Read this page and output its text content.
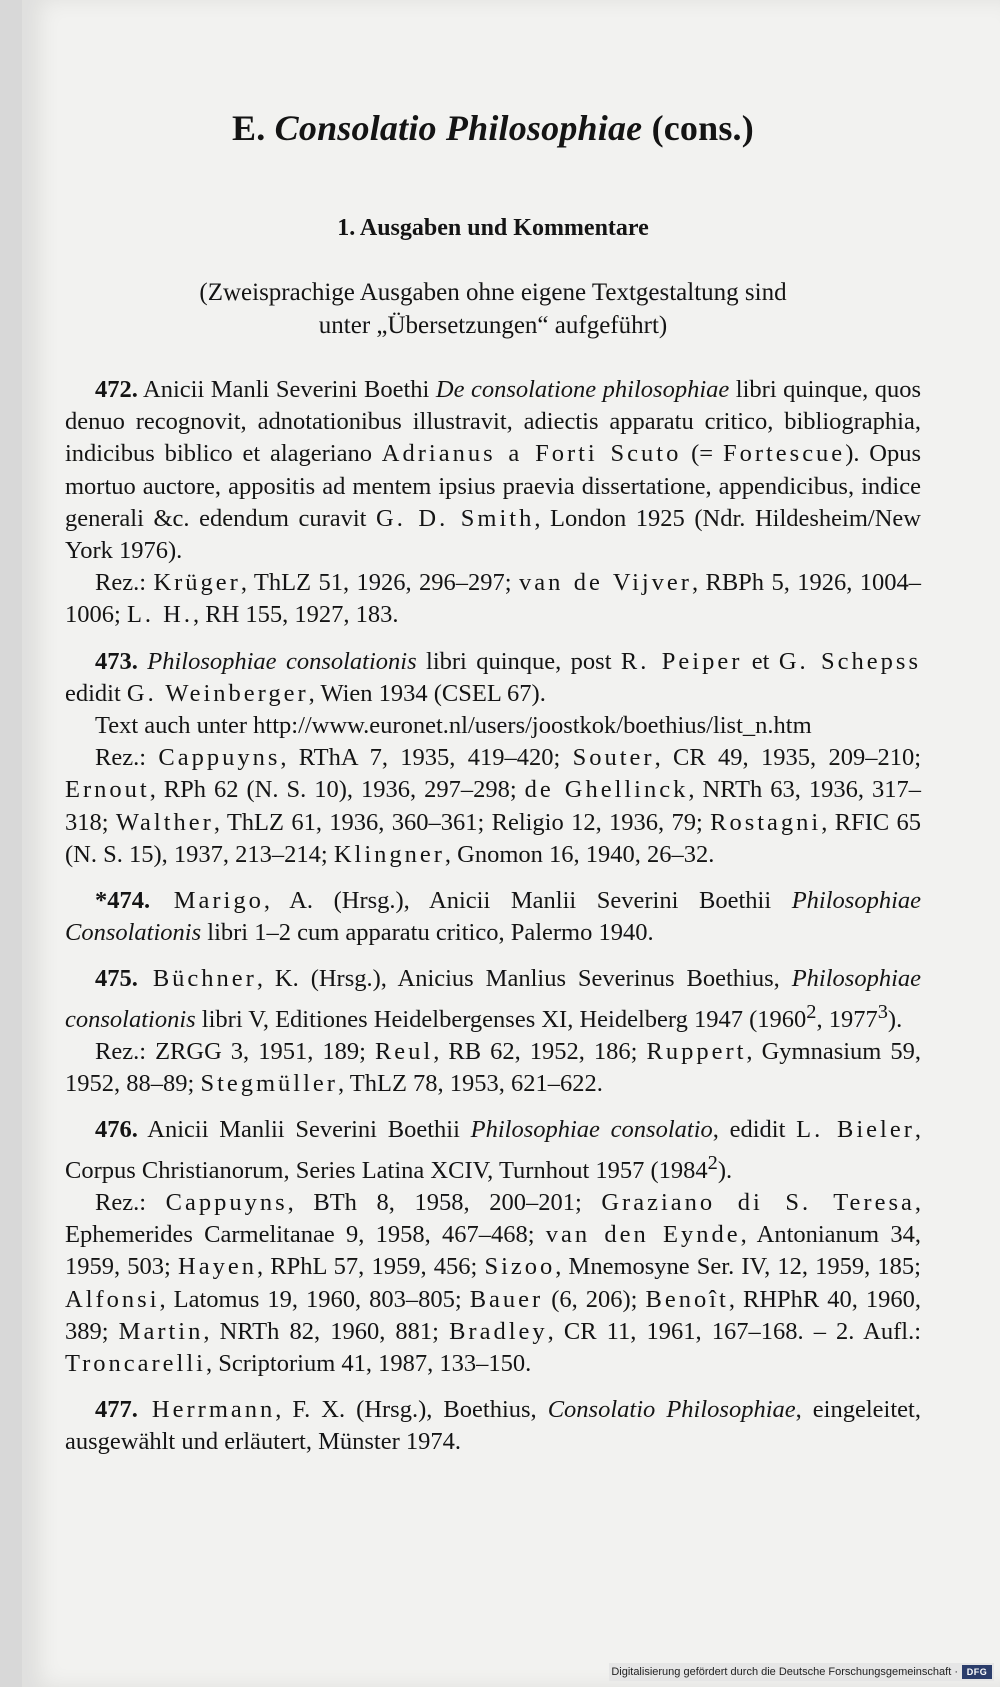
E. Consolatio Philosophiae (cons.)
1. Ausgaben und Kommentare
(Zweisprachige Ausgaben ohne eigene Textgestaltung sind
unter „Übersetzungen“ aufgeführt)

472. Anicii Manli Severini Boethi De consolatione philosophiae libri quinque, quos denuo recognovit, adnotationibus illustravit, adiectis apparatu critico, bibliographia, indicibus biblico et alageriano Adrianus a Forti Scuto (= Fortescue). Opus mortuo auctore, appositis ad mentem ipsius praevia dissertatione, appendicibus, indice generali &c. edendum curavit G. D. Smith, London 1925 (Ndr. Hildesheim/New York 1976).

Rez.: Krüger, ThLZ 51, 1926, 296–297; van de Vijver, RBPh 5, 1926, 1004–1006; L. H., RH 155, 1927, 183.

473. Philosophiae consolationis libri quinque, post R. Peiper et G. Schepss edidit G. Weinberger, Wien 1934 (CSEL 67).

Text auch unter http://www.euronet.nl/users/joostkok/boethius/list_n.htm

Rez.: Cappuyns, RThA 7, 1935, 419–420; Souter, CR 49, 1935, 209–210; Ernout, RPh 62 (N. S. 10), 1936, 297–298; de Ghellinck, NRTh 63, 1936, 317–318; Walther, ThLZ 61, 1936, 360–361; Religio 12, 1936, 79; Rostagni, RFIC 65 (N. S. 15), 1937, 213–214; Klingner, Gnomon 16, 1940, 26–32.

*474. Marigo, A. (Hrsg.), Anicii Manlii Severini Boethii Philosophiae Consolationis libri 1–2 cum apparatu critico, Palermo 1940.

475. Büchner, K. (Hrsg.), Anicius Manlius Severinus Boethius, Philosophiae consolationis libri V, Editiones Heidelbergenses XI, Heidelberg 1947 (1960$^2$, 1977$^3$).

Rez.: ZRGG 3, 1951, 189; Reul, RB 62, 1952, 186; Ruppert, Gymnasium 59, 1952, 88–89; Stegmüller, ThLZ 78, 1953, 621–622.

476. Anicii Manlii Severini Boethii Philosophiae consolatio, edidit L. Bieler, Corpus Christianorum, Series Latina XCIV, Turnhout 1957 (1984$^2$).

Rez.: Cappuyns, BTh 8, 1958, 200–201; Graziano di S. Teresa, Ephemerides Carmelitanae 9, 1958, 467–468; van den Eynde, Antonianum 34, 1959, 503; Hayen, RPhL 57, 1959, 456; Sizoo, Mnemosyne Ser. IV, 12, 1959, 185; Alfonsi, Latomus 19, 1960, 803–805; Bauer (6, 206); Benoît, RHPhR 40, 1960, 389; Martin, NRTh 82, 1960, 881; Bradley, CR 11, 1961, 167–168. – 2. Aufl.: Troncarelli, Scriptorium 41, 1987, 133–150.

477. Herrmann, F. X. (Hrsg.), Boethius, Consolatio Philosophiae, eingeleitet, ausgewählt und erläutert, Münster 1974.

Digitalisierung gefördert durch die Deutsche Forschungsgemeinschaft · DFG
